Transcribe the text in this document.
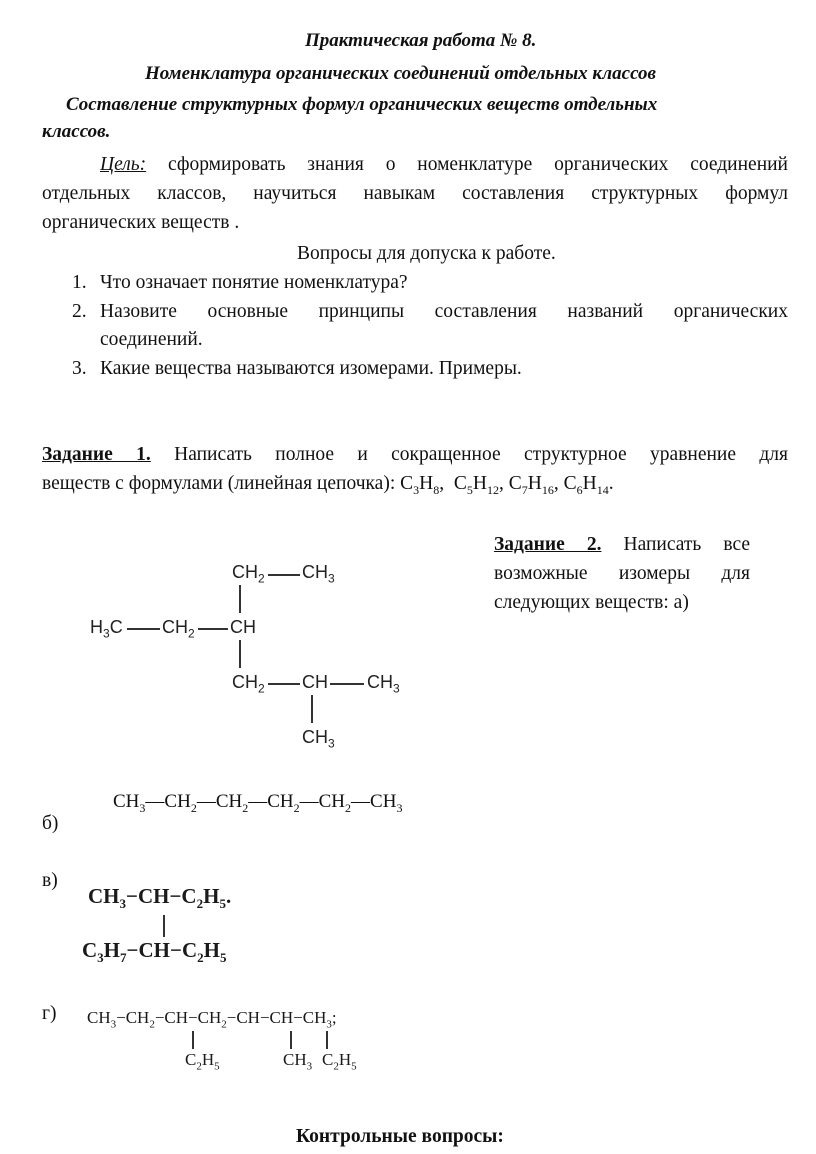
Практическая работа № 8.
Номенклатура органических соединений отдельных классов
Составление структурных формул органических веществ отдельных
классов.
Цель: сформировать знания о номенклатуре органических соединений
отдельных классов, научиться навыкам составления структурных формул
органических веществ .
Вопросы для допуска к работе.
1. Что означает понятие номенклатура?
2. Назовите основные принципы составления названий органических
соединений.
3. Какие вещества называются изомерами. Примеры.
Задание 1. Написать полное и сокращенное структурное уравнение для
веществ с формулами (линейная цепочка): $C_3H_8$,  $C_5H_{12}$, $C_7H_{16}$, $C_6H_{14}$.
Задание 2. Написать все
возможные изомеры для
следующих веществ: а)
$CH_2$ $CH_3$
$H_3C$ $CH_2$ CH
$CH_2$ CH $CH_3$
$CH_3$
б)
$CH_3—CH_2—CH_2—CH_2—CH_2—CH_3$
в)
$CH_3-CH-C_2H_5$.
$C_3H_7-CH-C_2H_5$
г) $CH_3-CH_2-CH-CH_2-CH-CH-CH_3$;
$C_2H_5$	$CH_3$ $C_2H_5$
Контрольные вопросы:
